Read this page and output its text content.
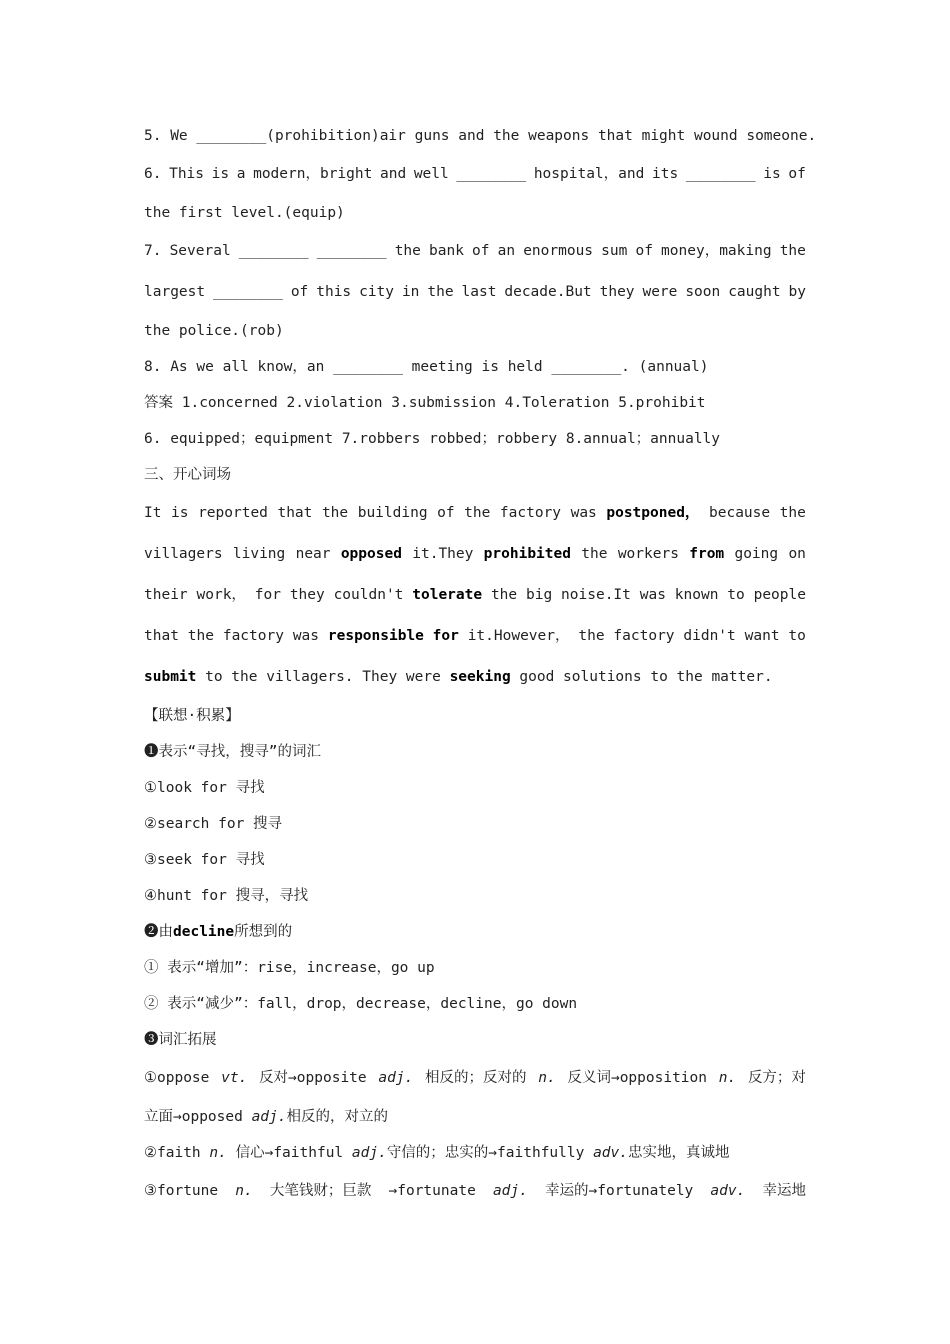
5. We ________(prohibition)air guns and the weapons that might wound someone.
6. This is a modern，bright and well ________ hospital，and its ________ is of
the first level.(equip)
7. Several ________ ________ the bank of an enormous sum of money，making the
largest ________ of this city in the last decade.But they were soon caught by
the police.(rob)
8. As we all know，an ________ meeting is held ________. (annual)
答案 1.concerned 2.violation 3.submission 4.Toleration 5.prohibit
6. equipped；equipment 7.robbers robbed；robbery 8.annual；annually
三、开心词场
It is reported that the building of the factory was postponed， because the
villagers living near opposed it.They prohibited the workers from going on
their work， for they couldn't tolerate the big noise.It was known to people
that the factory was responsible for it.However， the factory didn't want to
submit to the villagers. They were seeking good solutions to the matter.
【联想·积累】
❶表示“寻找，搜寻”的词汇
①look for 寻找
②search for 搜寻
③seek for 寻找
④hunt for 搜寻，寻找
❷由decline所想到的
① 表示“增加”：rise，increase，go up
② 表示“减少”：fall，drop，decrease，decline，go down
❸词汇拓展
①oppose vt. 反对→opposite adj. 相反的；反对的 n. 反义词→opposition n. 反方；对
立面→opposed adj.相反的，对立的
②faith n. 信心→faithful adj.守信的；忠实的→faithfully adv.忠实地，真诚地
③fortune n. 大笔钱财；巨款 →fortunate adj. 幸运的→fortunately adv. 幸运地
